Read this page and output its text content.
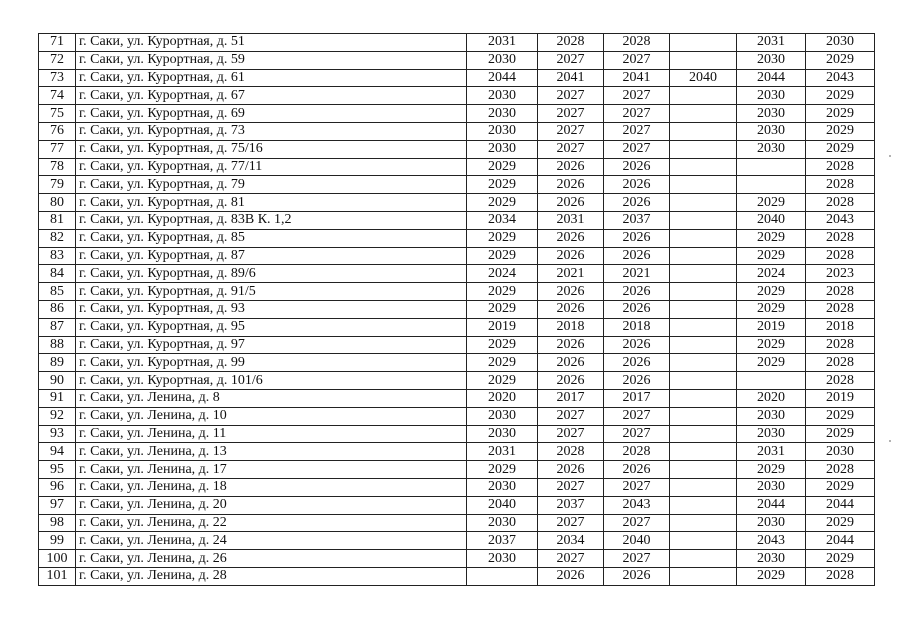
71	г. Саки, ул. Курортная, д. 51	2031	2028	2028		2031	2030
72	г. Саки, ул. Курортная, д. 59	2030	2027	2027		2030	2029
73	г. Саки, ул. Курортная, д. 61	2044	2041	2041	2040	2044	2043
74	г. Саки, ул. Курортная, д. 67	2030	2027	2027		2030	2029
75	г. Саки, ул. Курортная, д. 69	2030	2027	2027		2030	2029
76	г. Саки, ул. Курортная, д. 73	2030	2027	2027		2030	2029
77	г. Саки, ул. Курортная, д. 75/16	2030	2027	2027		2030	2029
78	г. Саки, ул. Курортная, д. 77/11	2029	2026	2026			2028
79	г. Саки, ул. Курортная, д. 79	2029	2026	2026			2028
80	г. Саки, ул. Курортная, д. 81	2029	2026	2026		2029	2028
81	г. Саки, ул. Курортная, д. 83В К. 1,2	2034	2031	2037		2040	2043
82	г. Саки, ул. Курортная, д. 85	2029	2026	2026		2029	2028
83	г. Саки, ул. Курортная, д. 87	2029	2026	2026		2029	2028
84	г. Саки, ул. Курортная, д. 89/6	2024	2021	2021		2024	2023
85	г. Саки, ул. Курортная, д. 91/5	2029	2026	2026		2029	2028
86	г. Саки, ул. Курортная, д. 93	2029	2026	2026		2029	2028
87	г. Саки, ул. Курортная, д. 95	2019	2018	2018		2019	2018
88	г. Саки, ул. Курортная, д. 97	2029	2026	2026		2029	2028
89	г. Саки, ул. Курортная, д. 99	2029	2026	2026		2029	2028
90	г. Саки, ул. Курортная, д. 101/6	2029	2026	2026			2028
91	г. Саки, ул. Ленина, д. 8	2020	2017	2017		2020	2019
92	г. Саки, ул. Ленина, д. 10	2030	2027	2027		2030	2029
93	г. Саки, ул. Ленина, д. 11	2030	2027	2027		2030	2029
94	г. Саки, ул. Ленина, д. 13	2031	2028	2028		2031	2030
95	г. Саки, ул. Ленина, д. 17	2029	2026	2026		2029	2028
96	г. Саки, ул. Ленина, д. 18	2030	2027	2027		2030	2029
97	г. Саки, ул. Ленина, д. 20	2040	2037	2043		2044	2044
98	г. Саки, ул. Ленина, д. 22	2030	2027	2027		2030	2029
99	г. Саки, ул. Ленина, д. 24	2037	2034	2040		2043	2044
100	г. Саки, ул. Ленина, д. 26	2030	2027	2027		2030	2029
101	г. Саки, ул. Ленина, д. 28		2026	2026		2029	2028
